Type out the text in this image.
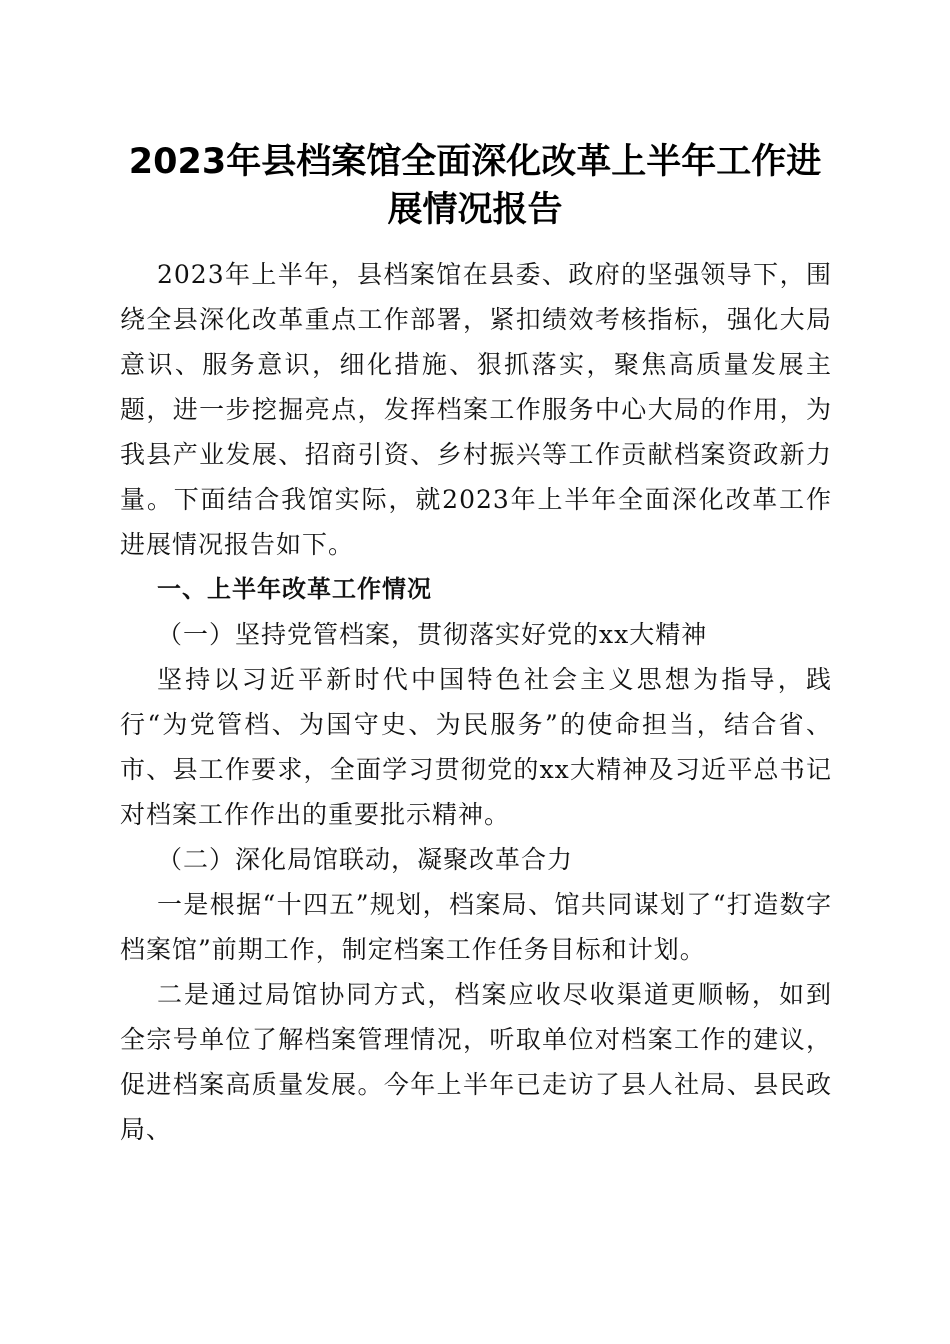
2023年县档案馆全面深化改革上半年工作进
展情况报告

2023年上半年，县档案馆在县委、政府的坚强领导下，围绕全县深化改革重点工作部署，紧扣绩效考核指标，强化大局意识、服务意识，细化措施、狠抓落实，聚焦高质量发展主题，进一步挖掘亮点，发挥档案工作服务中心大局的作用，为我县产业发展、招商引资、乡村振兴等工作贡献档案资政新力量。下面结合我馆实际，就2023年上半年全面深化改革工作进展情况报告如下。

一、上半年改革工作情况

（一）坚持党管档案，贯彻落实好党的xx大精神

坚持以习近平新时代中国特色社会主义思想为指导，践行“为党管档、为国守史、为民服务”的使命担当，结合省、市、县工作要求，全面学习贯彻党的xx大精神及习近平总书记对档案工作作出的重要批示精神。

（二）深化局馆联动，凝聚改革合力

一是根据“十四五”规划，档案局、馆共同谋划了“打造数字档案馆”前期工作，制定档案工作任务目标和计划。

二是通过局馆协同方式，档案应收尽收渠道更顺畅，如到全宗号单位了解档案管理情况，听取单位对档案工作的建议，促进档案高质量发展。今年上半年已走访了县人社局、县民政局、
